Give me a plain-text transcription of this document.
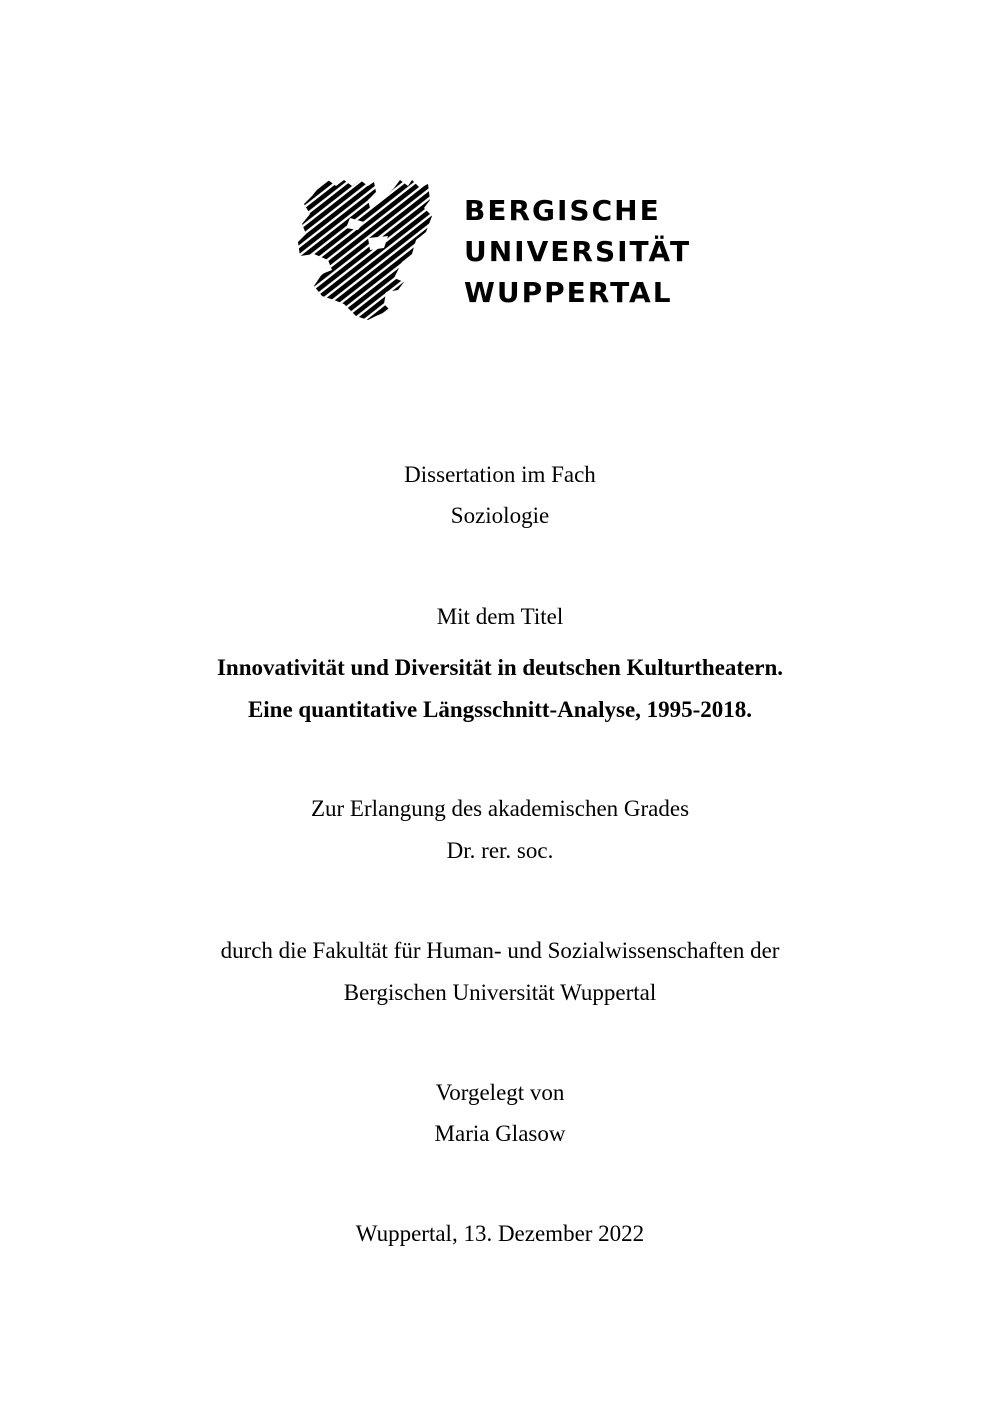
BERGISCHE
UNIVERSITÄT
WUPPERTAL
Dissertation im Fach
Soziologie
Mit dem Titel
Innovativität und Diversität in deutschen Kulturtheatern.
Eine quantitative Längsschnitt-Analyse, 1995-2018.
Zur Erlangung des akademischen Grades
Dr. rer. soc.
durch die Fakultät für Human- und Sozialwissenschaften der
Bergischen Universität Wuppertal
Vorgelegt von
Maria Glasow
Wuppertal, 13. Dezember 2022
